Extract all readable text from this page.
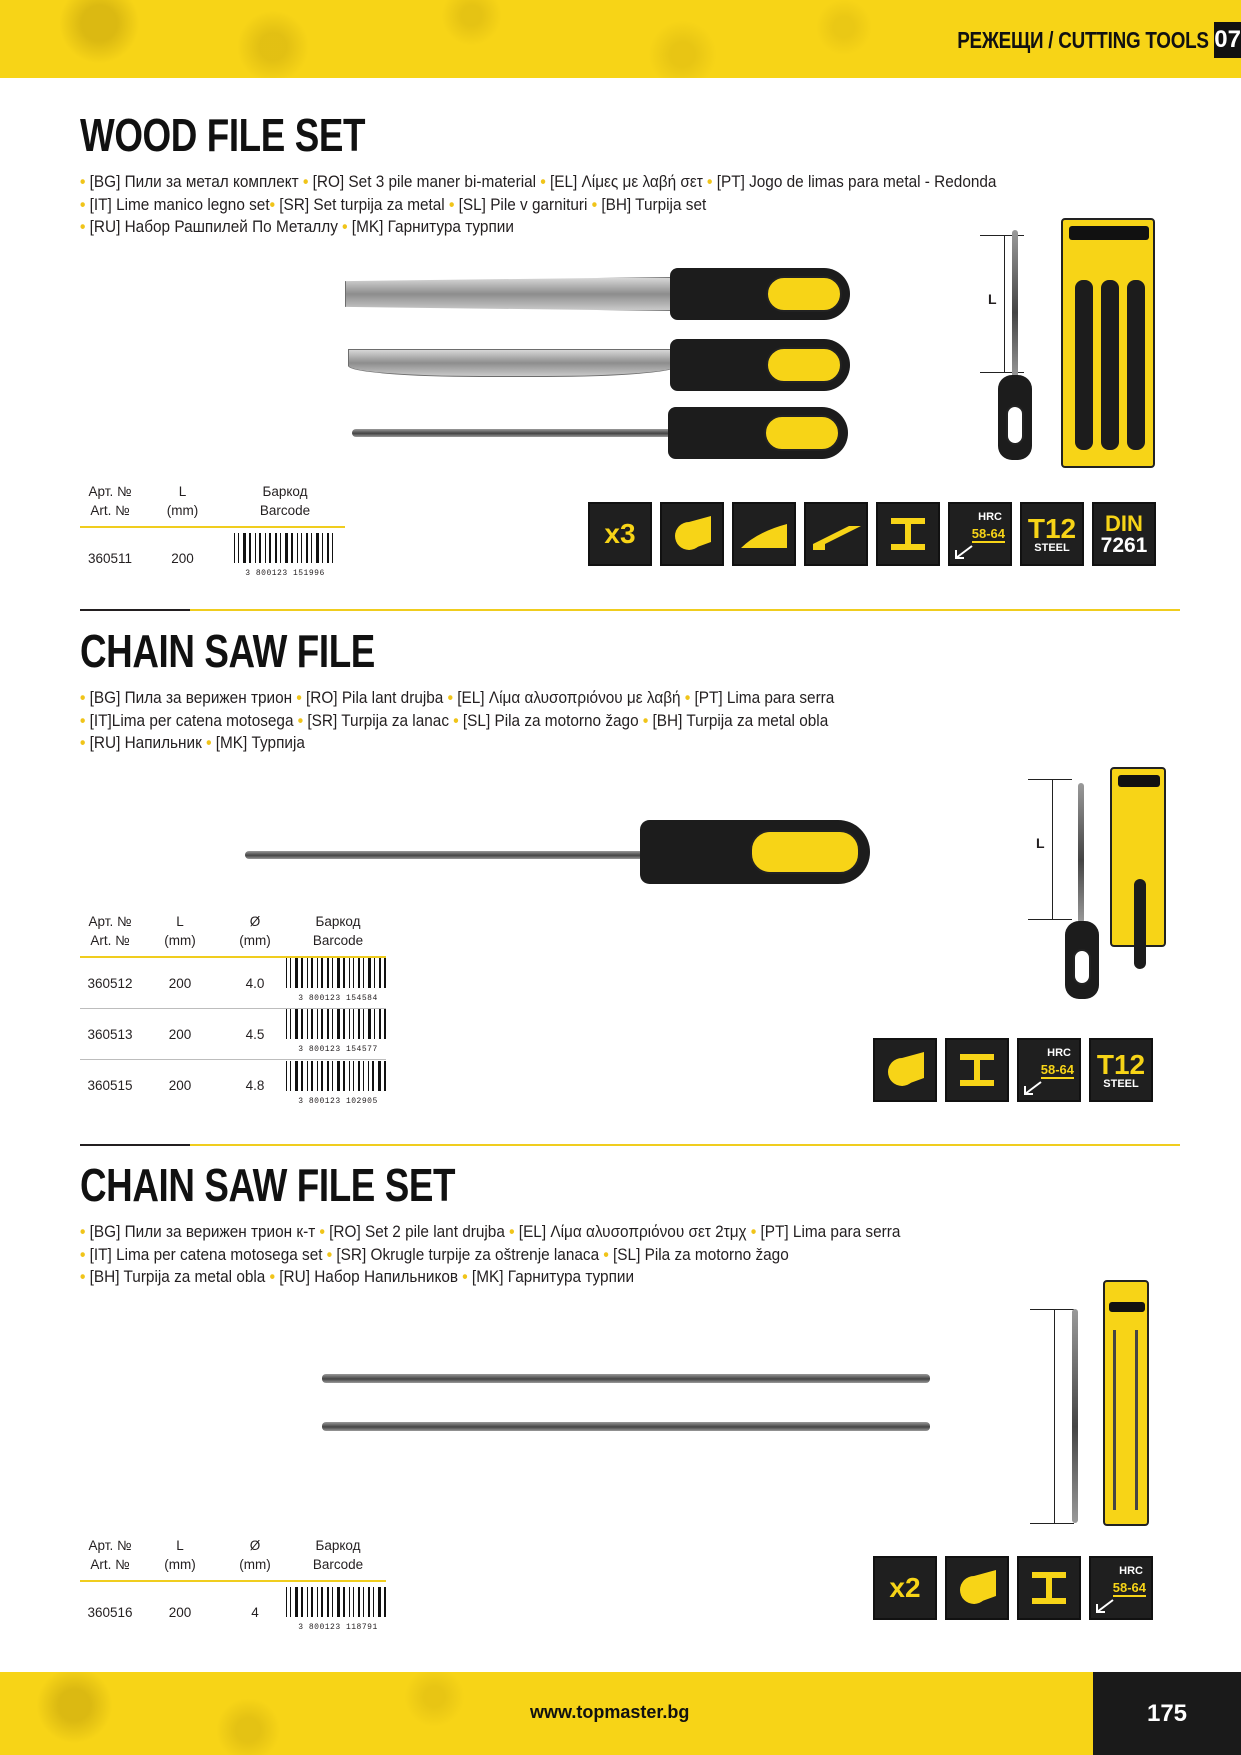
РЕЖЕЩИ / CUTTING TOOLS 07
WOOD FILE SET
• [BG] Пили за метал комплект • [RO] Set 3 pile maner bi-material • [EL] Λίμες με λαβή σετ • [PT] Jogo de limas para metal - Redonda
• [IT] Lime manico legno set• [SR] Set turpija za metal • [SL] Pile v garnituri • [BH] Turpija set
• [RU] Набор Рашпилей По Металлу • [MK] Гарнитура турпии
L
Арт. №
Art. №
L
(mm)
Баркод
Barcode
360511	200
3 800123 151996
x3
HRC
58-64 T12
STEEL
DIN
7261
CHAIN SAW FILE
• [BG] Пила за верижен трион • [RO] Pila lant drujba • [EL] Λίμα αλυσοπριόνου με λαβή • [PT] Lima para serra
• [IT]Lima per catena motosega • [SR] Turpija za lanac • [SL] Pila za motorno žago • [BH] Turpija za metal obla
• [RU] Напильник • [MK] Турпија
L
Арт. №
Art. №
L
(mm)
Ø
(mm)
Баркод
Barcode
360512	200	4.0
3 800123 154584
360513	200	4.5
3 800123 154577
360515	200	4.8
3 800123 102905
HRC
58-64 T12
STEEL
CHAIN SAW FILE SET
• [BG] Пили за верижен трион к-т • [RO] Set 2 pile lant drujba • [EL] Λίμα αλυσοπριόνου σετ 2τμχ • [PT] Lima para serra
• [IT] Lima per catena motosega set • [SR] Okrugle turpije za oštrenje lanaca • [SL] Pila za motorno žago
• [BH] Turpija za metal obla • [RU] Набор Напильников • [MK] Гарнитура турпии
Арт. №
Art. №
L
(mm)
Ø
(mm)
Баркод
Barcode
360516	200	4
3 800123 118791
x2
HRC
58-64
www.topmaster.bg	175
